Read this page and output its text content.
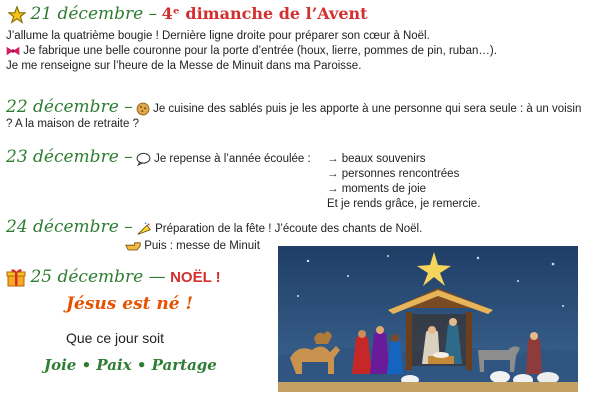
21 décembre – 4ᵉ dimanche de l’Avent
J’allume la quatrième bougie ! Dernière ligne droite pour préparer son cœur à Noël.
Je fabrique une belle couronne pour la porte d’entrée (houx, lierre, pommes de pin, ruban…).
Je me renseigne sur l’heure de la Messe de Minuit dans ma Paroisse.
22 décembre – Je cuisine des sablés puis je les apporte à une personne qui sera seule : à un voisin
? A la maison de retraite ?
23 décembre – Je repense à l’année écoulée :	→ beaux souvenirs
→ personnes rencontrées
→ moments de joie
Et je rends grâce, je remercie.
24 décembre – Préparation de la fête ! J’écoute des chants de Noël.
Puis : messe de Minuit
25 décembre — NOËL !
Jésus est né !
Que ce jour soit
Joie • Paix • Partage
